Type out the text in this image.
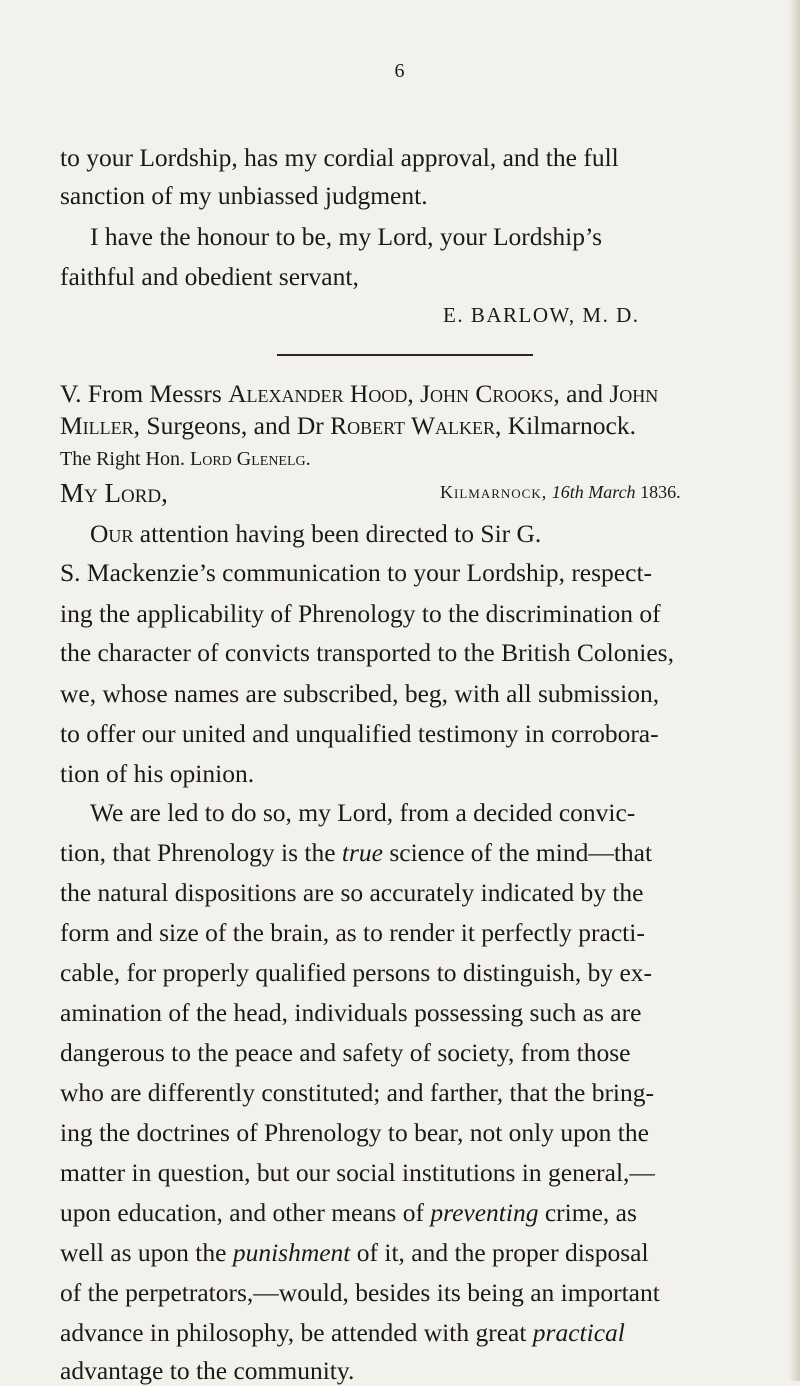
6
to your Lordship, has my cordial approval, and the full
sanction of my unbiassed judgment.
I have the honour to be, my Lord, your Lordship’s
faithful and obedient servant,
E. BARLOW, M. D.
V. From Messrs Alexander Hood, John Crooks, and John
Miller, Surgeons, and Dr Robert Walker, Kilmarnock.
The Right Hon. Lord Glenelg.
My Lord,	Kilmarnock, 16th March 1836.
Our attention having been directed to Sir G.
S. Mackenzie’s communication to your Lordship, respect-
ing the applicability of Phrenology to the discrimination of
the character of convicts transported to the British Colonies,
we, whose names are subscribed, beg, with all submission,
to offer our united and unqualified testimony in corrobora-
tion of his opinion.
We are led to do so, my Lord, from a decided convic-
tion, that Phrenology is the true science of the mind—that
the natural dispositions are so accurately indicated by the
form and size of the brain, as to render it perfectly practi-
cable, for properly qualified persons to distinguish, by ex-
amination of the head, individuals possessing such as are
dangerous to the peace and safety of society, from those
who are differently constituted; and farther, that the bring-
ing the doctrines of Phrenology to bear, not only upon the
matter in question, but our social institutions in general,—
upon education, and other means of preventing crime, as
well as upon the punishment of it, and the proper disposal
of the perpetrators,—would, besides its being an important
advance in philosophy, be attended with great practical
advantage to the community.
